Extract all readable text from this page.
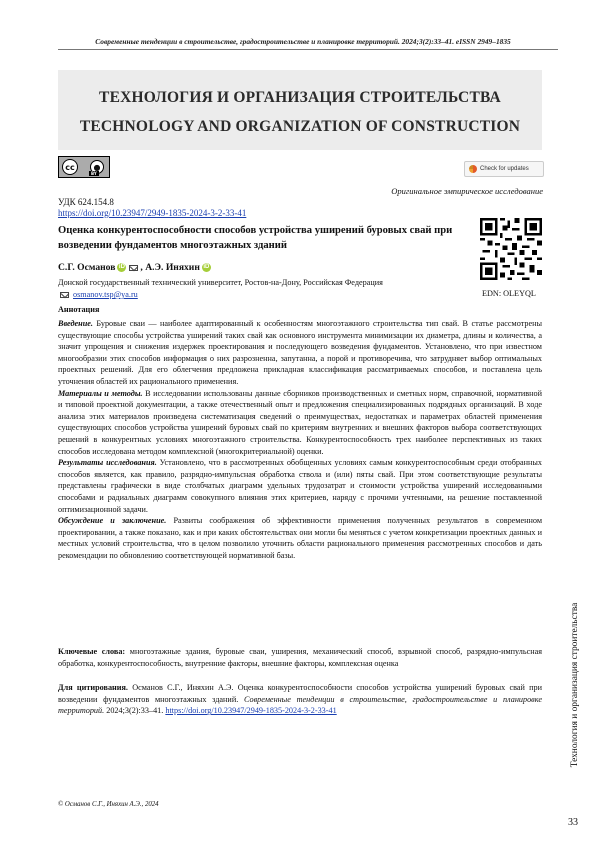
Современные тенденции в строительстве, градостроительстве и планировке территорий. 2024;3(2):33–41. eISSN 2949–1835
ТЕХНОЛОГИЯ И ОРГАНИЗАЦИЯ СТРОИТЕЛЬСТВА
TECHNOLOGY AND ORGANIZATION OF CONSTRUCTION
cc	●
BY
Check for updates
Оригинальное эмпирическое исследование
УДК 624.154.8
https://doi.org/10.23947/2949-1835-2024-3-2-33-41
Оценка конкурентоспособности способов устройства уширений буровых свай при возведении фундаментов многоэтажных зданий
С.Г. Османов iD , А.Э. Иняхин iD
Донской государственный технический университет, Ростов-на-Дону, Российская Федерация
osmanov.tsp@ya.ru	EDN: OLEYQL
Аннотация

Введение. Буровые сваи — наиболее адаптированный к особенностям многоэтажного строительства тип свай. В статье рассмотрены существующие способы устройства уширений таких свай как основного инструмента минимизации их диаметра, длины и количества, а значит упрощения и снижения издержек проектирования и последующего возведения фундаментов. Установлено, что при известном многообразии этих способов информация о них разрозненна, запутанна, а порой и противоречива, что затрудняет выбор оптимальных проектных решений. Для его облегчения предложена прикладная классификация рассматриваемых способов, и поставлена цель уточнения областей их рационального применения.

Материалы и методы. В исследовании использованы данные сборников производственных и сметных норм, справочной, нормативной и типовой проектной документации, а также отечественный опыт и предложения специализированных подрядных организаций. В ходе анализа этих материалов произведена систематизация сведений о преимуществах, недостатках и параметрах областей применения существующих способов устройства уширений буровых свай по критериям внутренних и внешних факторов выбора соответствующих решений в конкурентных условиях многоэтажного строительства. Конкурентоспособность трех наиболее перспективных из таких способов исследована методом комплексной (многокритериальной) оценки.

Результаты исследования. Установлено, что в рассмотренных обобщенных условиях самым конкурентоспособным среди отобранных способов является, как правило, разрядно-импульсная обработка ствола и (или) пяты свай. При этом соответствующие результаты представлены графически в виде столбчатых диаграмм удельных трудозатрат и стоимости устройства уширений исследованными способами и радиальных диаграмм совокупного влияния этих критериев, наряду с прочими учтенными, на решение поставленной оптимизационной задачи.

Обсуждение и заключение. Развиты соображения об эффективности применения полученных результатов в современном проектировании, а также показано, как и при каких обстоятельствах они могли бы меняться с учетом конкретизации проектных данных и местных условий строительства, что в целом позволило уточнить области рационального применения рассмотренных способов и дать рекомендации по обновлению соответствующей нормативной базы.

Ключевые слова: многоэтажные здания, буровые сваи, уширения, механический способ, взрывной способ, разрядно-импульсная обработка, конкурентоспособность, внутренние факторы, внешние факторы, комплексная оценка
Для цитирования. Османов С.Г., Иняхин А.Э. Оценка конкурентоспособности способов устройства уширений буровых свай при возведении фундаментов многоэтажных зданий. Современные тенденции в строительстве, градостроительстве и планировке территорий. 2024;3(2):33–41. https://doi.org/10.23947/2949-1835-2024-3-2-33-41	Технология и организация строительства
© Османов С.Г., Иняхин А.Э., 2024
33
